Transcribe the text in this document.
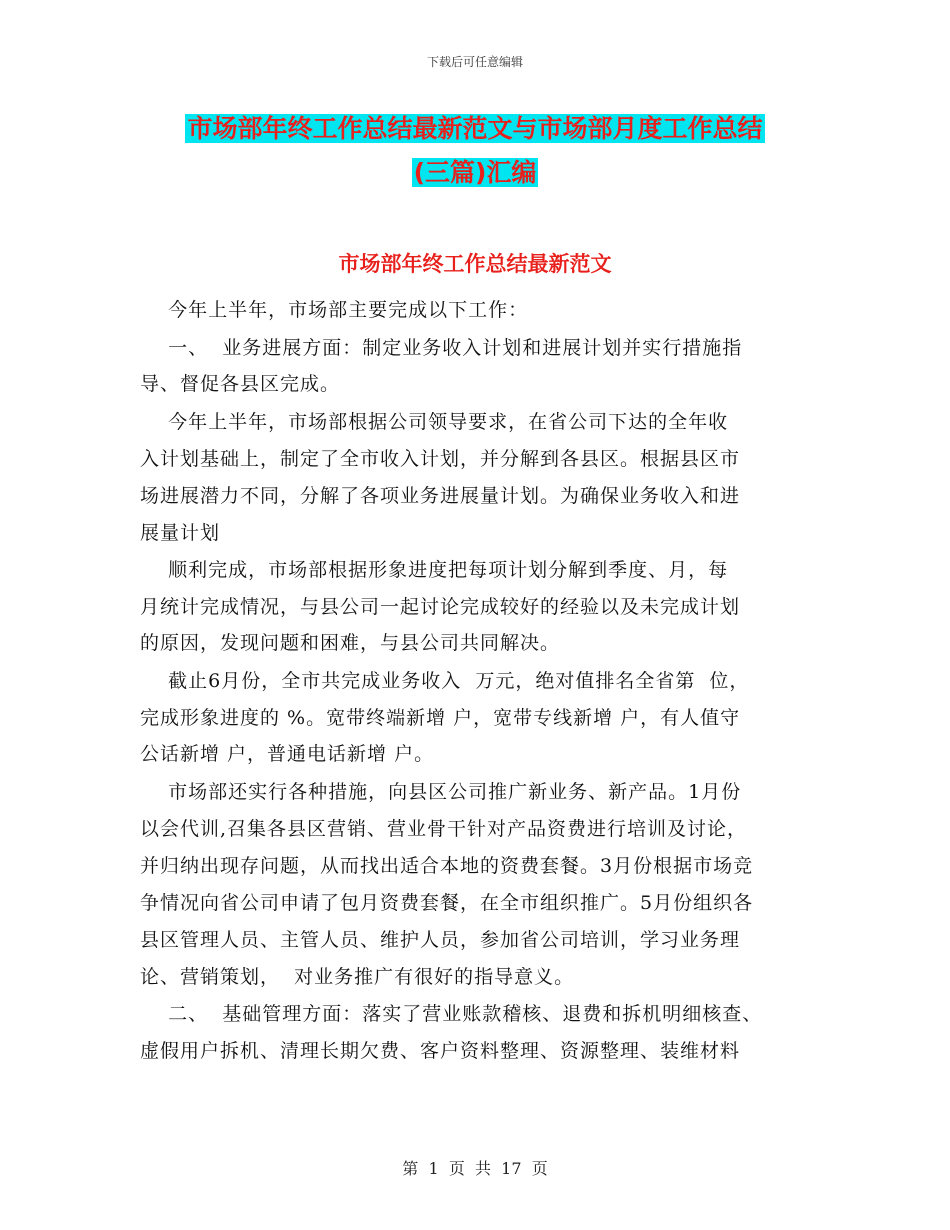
下载后可任意编辑
市场部年终工作总结最新范文与市场部月度工作总结
(三篇)汇编
市场部年终工作总结最新范文
今年上半年，市场部主要完成以下工作：
一、  业务进展方面：制定业务收入计划和进展计划并实行措施指
导、督促各县区完成。
今年上半年，市场部根据公司领导要求，在省公司下达的全年收
入计划基础上，制定了全市收入计划，并分解到各县区。根据县区市
场进展潜力不同，分解了各项业务进展量计划。为确保业务收入和进
展量计划
顺利完成，市场部根据形象进度把每项计划分解到季度、月，每
月统计完成情况，与县公司一起讨论完成较好的经验以及未完成计划
的原因，发现问题和困难，与县公司共同解决。
截止6月份，全市共完成业务收入  万元，绝对值排名全省第  位，
完成形象进度的 %。宽带终端新增 户，宽带专线新增 户，有人值守
公话新增 户，普通电话新增 户。
市场部还实行各种措施，向县区公司推广新业务、新产品。1月份
以会代训,召集各县区营销、营业骨干针对产品资费进行培训及讨论，
并归纳出现存问题，从而找出适合本地的资费套餐。3月份根据市场竞
争情况向省公司申请了包月资费套餐，在全市组织推广。5月份组织各
县区管理人员、主管人员、维护人员，参加省公司培训，学习业务理
论、营销策划，  对业务推广有很好的指导意义。
二、  基础管理方面：落实了营业账款稽核、退费和拆机明细核查、
虚假用户拆机、清理长期欠费、客户资料整理、资源整理、装维材料
第  1  页  共  17  页
